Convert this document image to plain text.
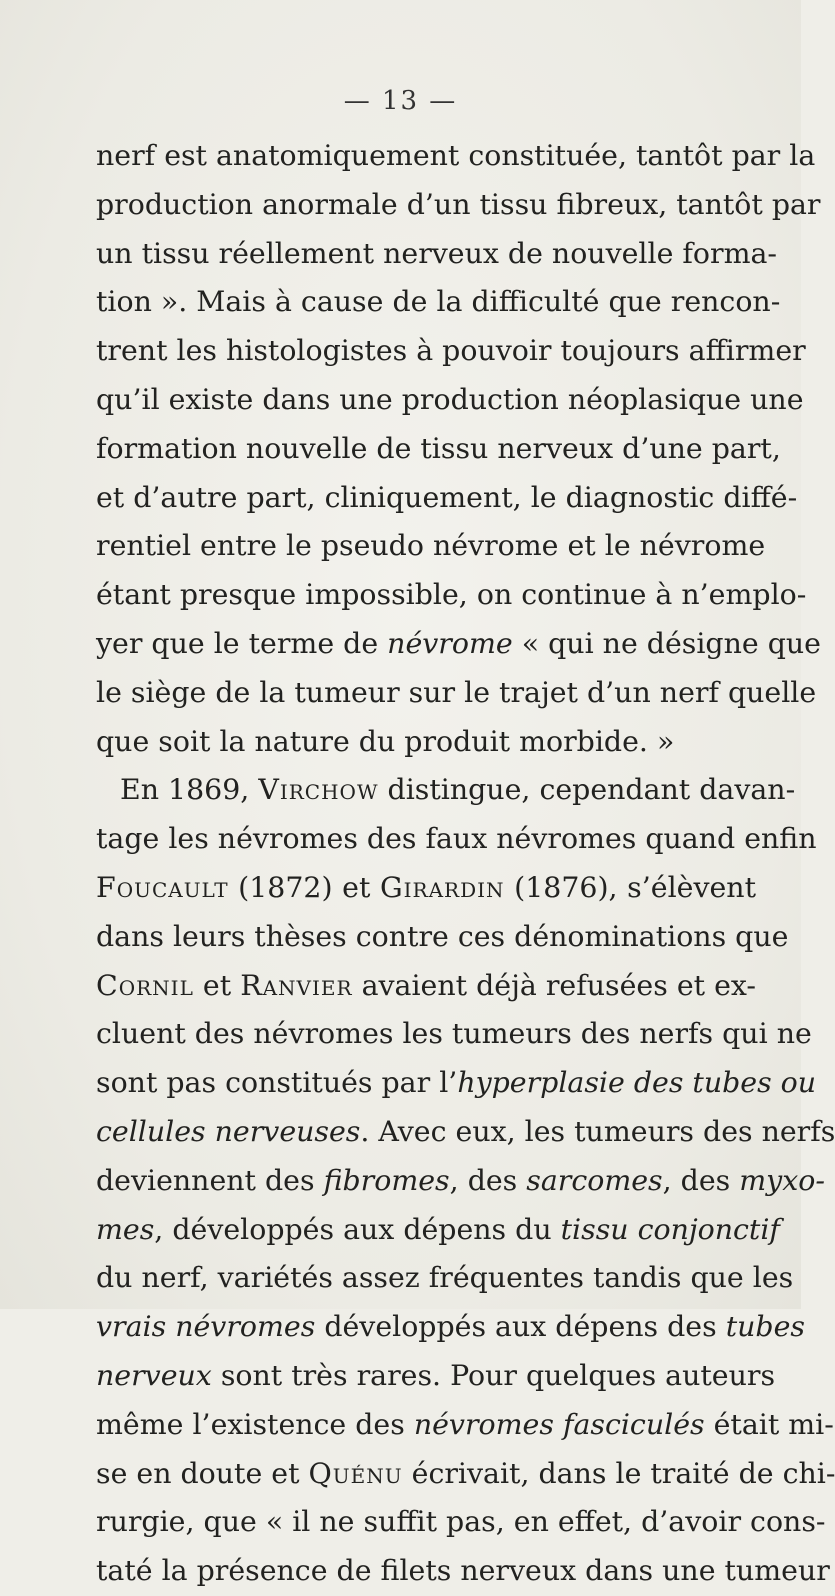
— 13 —
nerf est anatomiquement constituée, tantôt par la
production anormale d’un tissu fibreux, tantôt par
un tissu réellement nerveux de nouvelle forma-
tion ». Mais à cause de la difficulté que rencon-
trent les histologistes à pouvoir toujours affirmer
qu’il existe dans une production néoplasique une
formation nouvelle de tissu nerveux d’une part,
et d’autre part, cliniquement, le diagnostic diffé-
rentiel entre le pseudo névrome et le névrome
étant presque impossible, on continue à n’emplo-
yer que le terme de névrome « qui ne désigne que
le siège de la tumeur sur le trajet d’un nerf quelle
que soit la nature du produit morbide. »
En 1869, Virchow distingue, cependant davan-
tage les névromes des faux névromes quand enfin
Foucault (1872) et Girardin (1876), s’élèvent
dans leurs thèses contre ces dénominations que
Cornil et Ranvier avaient déjà refusées et ex-
cluent des névromes les tumeurs des nerfs qui ne
sont pas constitués par l’hyperplasie des tubes ou
cellules nerveuses. Avec eux, les tumeurs des nerfs
deviennent des fibromes, des sarcomes, des myxo-
mes, développés aux dépens du tissu conjonctif
du nerf, variétés assez fréquentes tandis que les
vrais névromes développés aux dépens des tubes
nerveux sont très rares. Pour quelques auteurs
même l’existence des névromes fasciculés était mi-
se en doute et Quénu écrivait, dans le traité de chi-
rurgie, que « il ne suffit pas, en effet, d’avoir cons-
taté la présence de filets nerveux dans une tumeur
